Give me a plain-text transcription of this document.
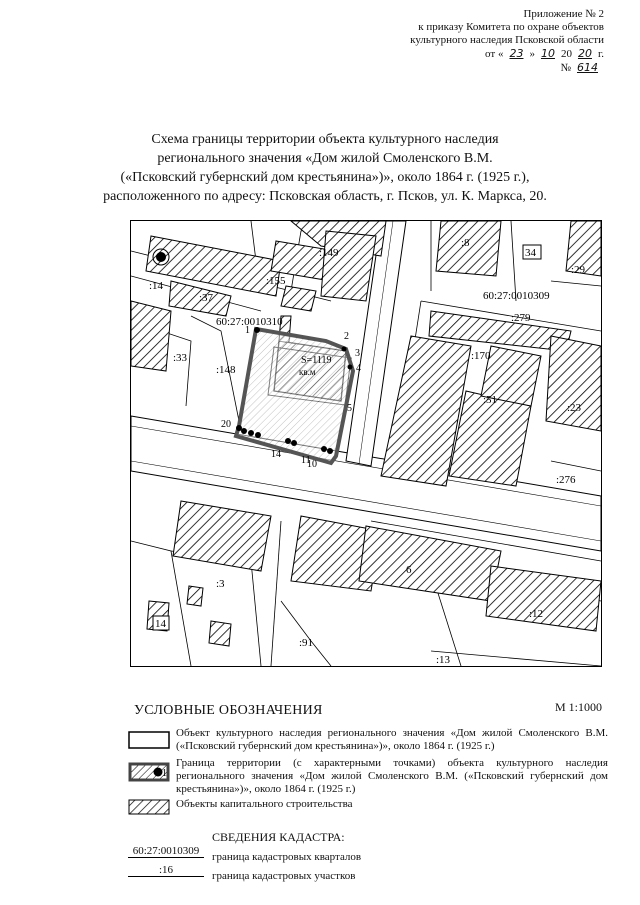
Приложение № 2
к приказу Комитета по охране объектов
культурного наследия Псковской области
от « 23 » 10 20 20 г.
№ 614
Схема границы территории объекта культурного наследия
регионального значения «Дом жилой Смоленского В.М.
(«Псковский губернский дом крестьянина»)», около 1864 г. (1925 г.),
расположенного по адресу: Псковская область, г. Псков, ул. К. Маркса, 20.
:149
:8
34
:29
:14
:37
:155
60:27:0010309
:279
60:27:0010310
:33
:148
:170
:51
:23
:276
:3
6
:12
14
:91
:13
S=1119
кв.м
1
2
3
4
5
20
14
11
10
УСЛОВНЫЕ ОБОЗНАЧЕНИЯ	М 1:1000
Объект культурного наследия регионального значения «Дом жилой Смоленского В.М. («Псковский губернский дом крестьянина»)», около 1864 г. (1925 г.)
1
Граница территории (с характерными точками) объекта культурного наследия регионального значения «Дом жилой Смоленского В.М. («Псковский губернский дом крестьянина»)», около 1864 г. (1925 г.)
Объекты капитального строительства
СВЕДЕНИЯ КАДАСТРА:
60:27:0010309	граница кадастровых кварталов
:16	граница кадастровых участков
